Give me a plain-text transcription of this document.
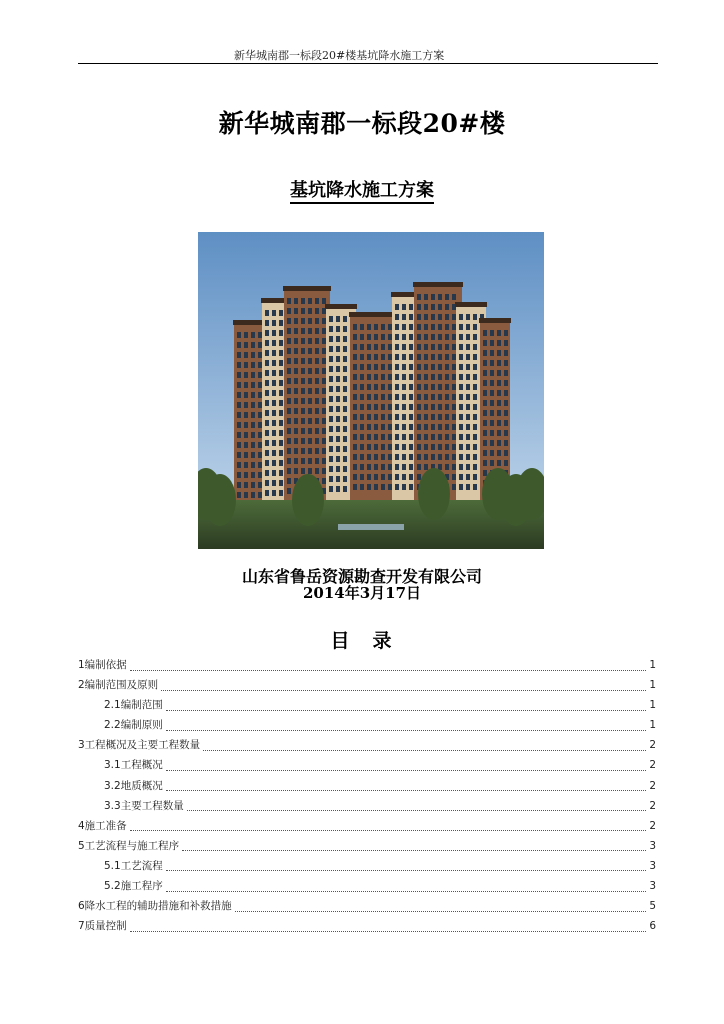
新华城南郡一标段20#楼基坑降水施工方案
新华城南郡一标段20#楼
基坑降水施工方案
山东省鲁岳资源勘查开发有限公司
2014年3月17日
目　录
1编制依据	1
2编制范围及原则	1
2.1编制范围	1
2.2编制原则	1
3工程概况及主要工程数量	2
3.1工程概况	2
3.2地质概况	2
3.3主要工程数量	2
4施工准备	2
5工艺流程与施工程序	3
5.1工艺流程	3
5.2施工程序	3
6降水工程的辅助措施和补救措施	5
7质量控制	6
